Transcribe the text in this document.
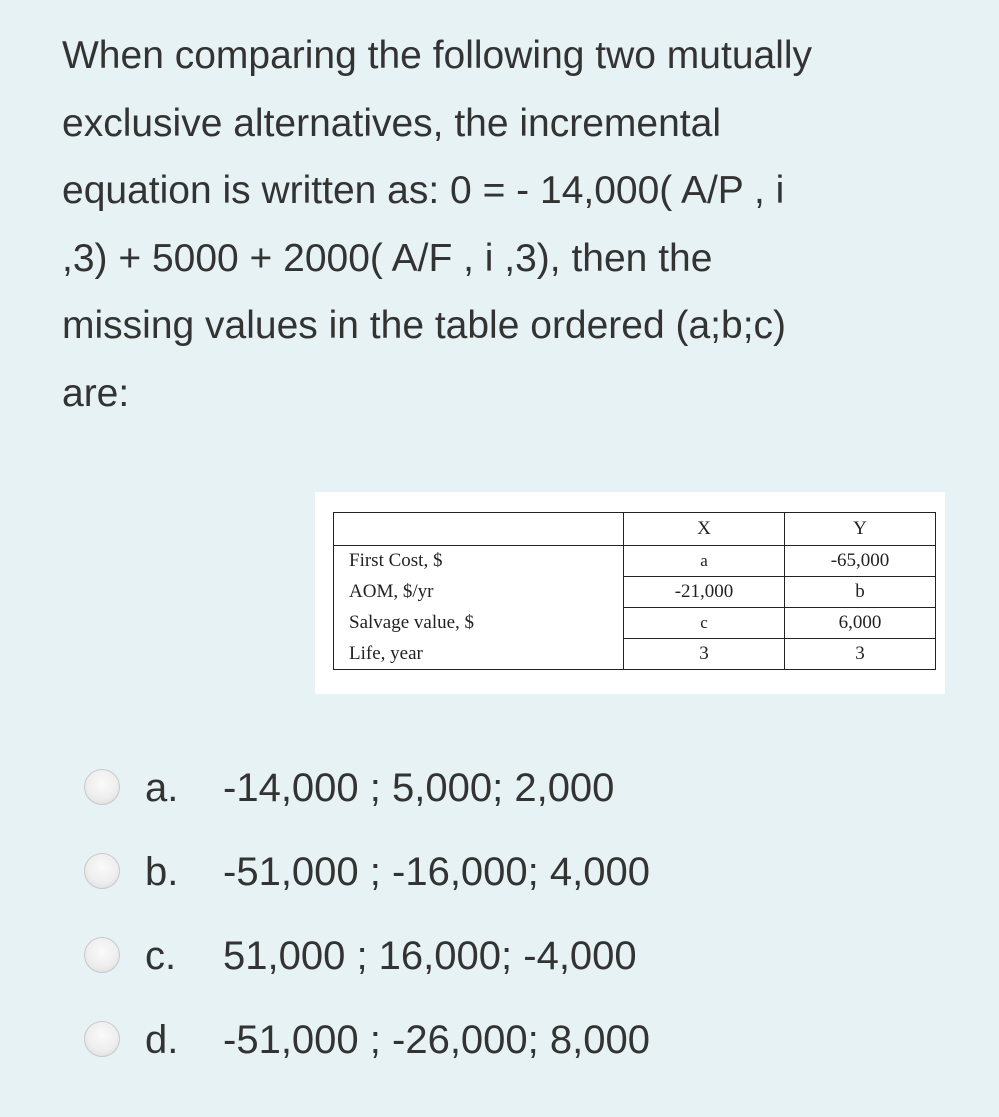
When comparing the following two mutually
exclusive alternatives, the incremental
equation is written as: 0 = - 14,000( A/P , i
,3) + 5000 + 2000( A/F , i ,3), then the
missing values in the table ordered (a;b;c)
are:
	X	Y
First Cost, $	a	-65,000
AOM, $/yr	-21,000	b
Salvage value, $	c	6,000
Life, year	3	3
a. -14,000 ; 5,000; 2,000
b. -51,000 ; -16,000; 4,000
c. 51,000 ; 16,000; -4,000
d. -51,000 ; -26,000; 8,000
